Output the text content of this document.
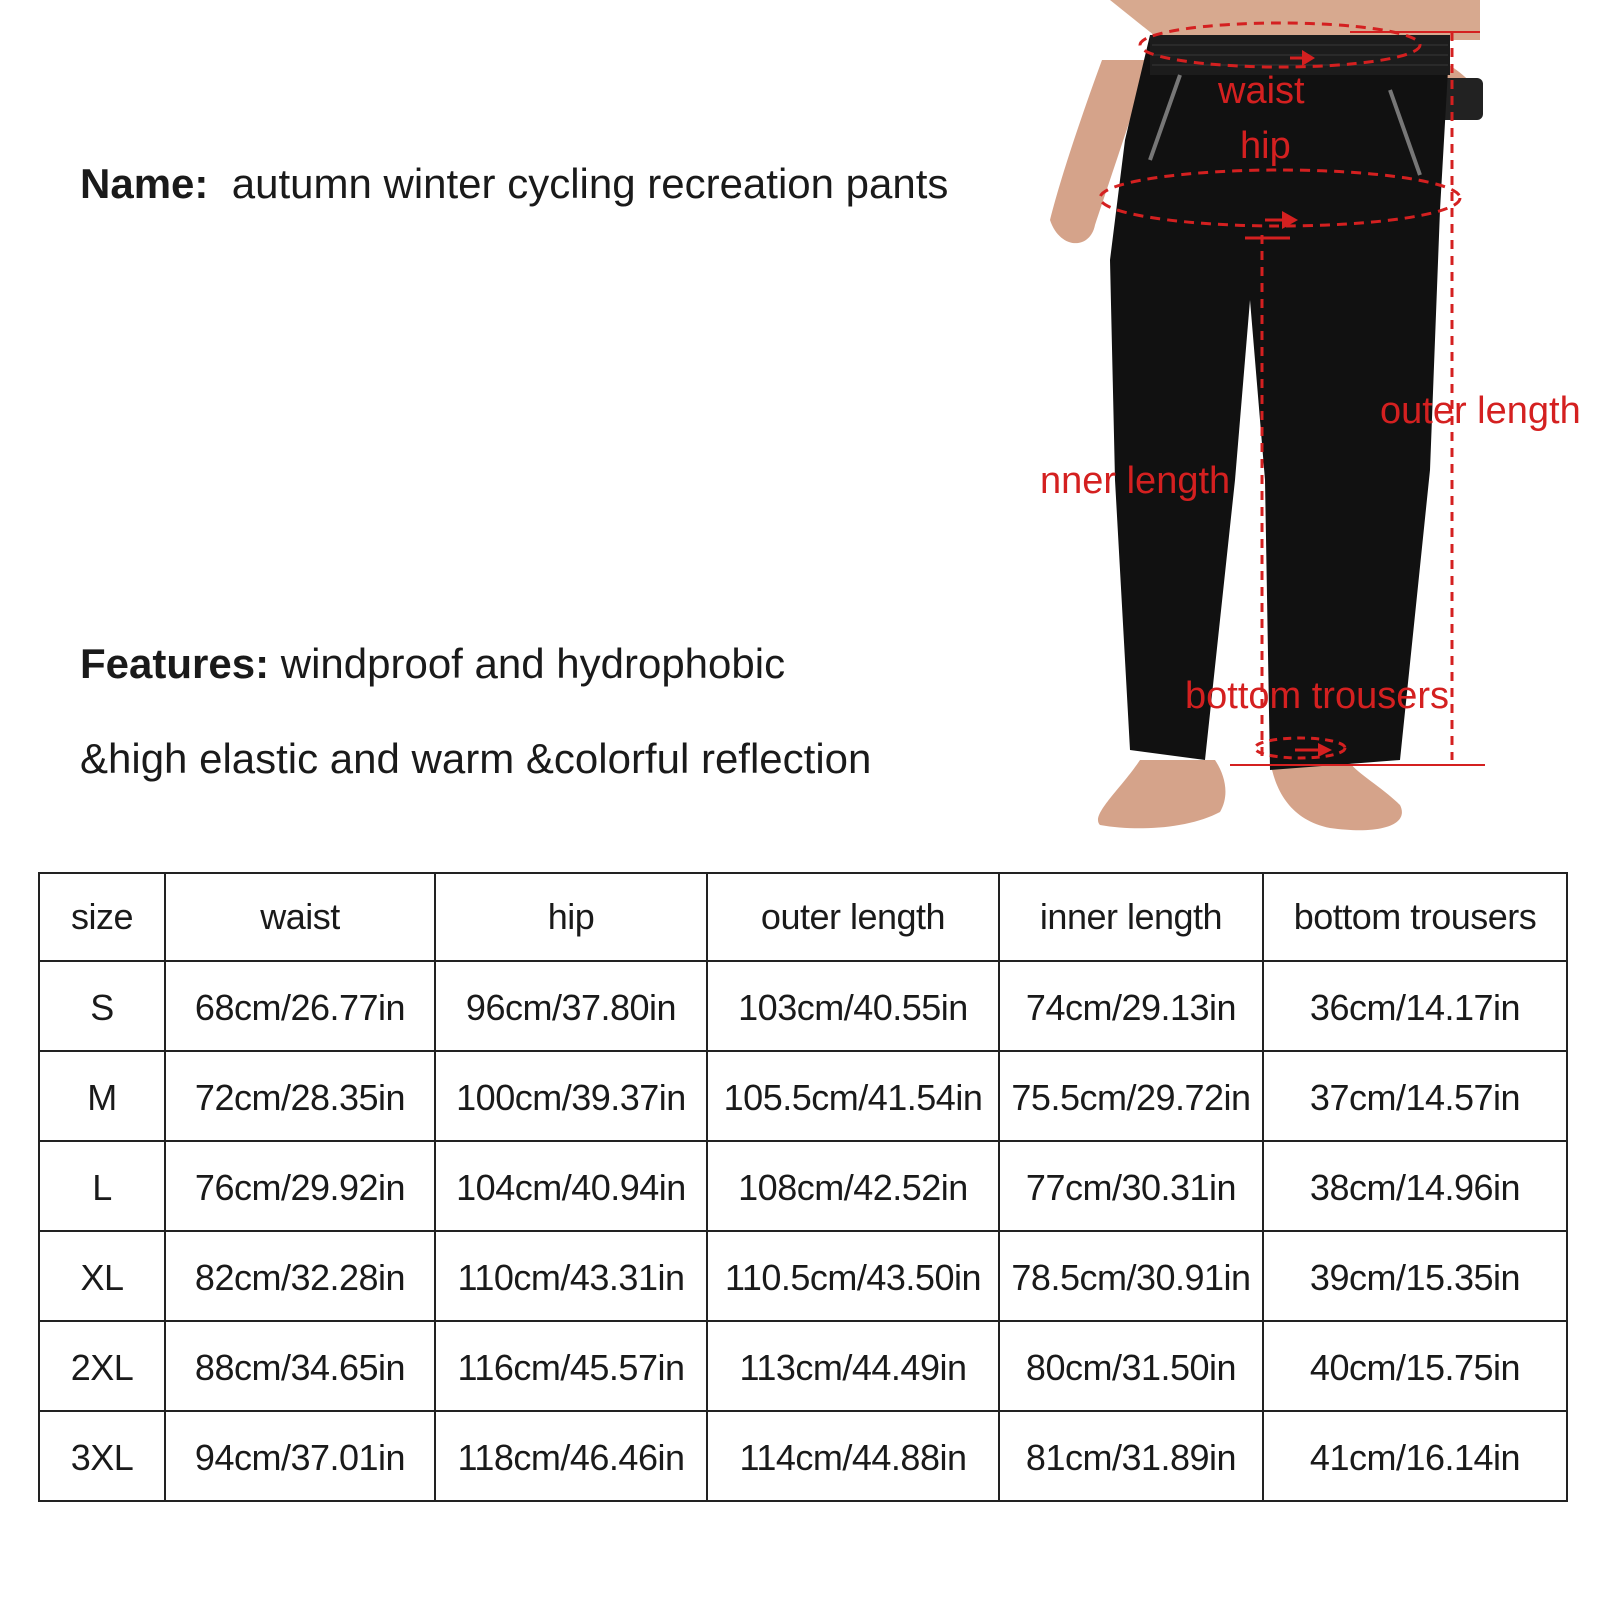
Name: autumn winter cycling recreation pants
Features: windproof and hydrophobic
&high elastic and warm &colorful reflection
waist
hip
outer length
nner length
bottom trousers
size	waist	hip	outer length	inner length	bottom trousers
S	68cm/26.77in	96cm/37.80in	103cm/40.55in	74cm/29.13in	36cm/14.17in
M	72cm/28.35in	100cm/39.37in	105.5cm/41.54in	75.5cm/29.72in	37cm/14.57in
L	76cm/29.92in	104cm/40.94in	108cm/42.52in	77cm/30.31in	38cm/14.96in
XL	82cm/32.28in	110cm/43.31in	110.5cm/43.50in	78.5cm/30.91in	39cm/15.35in
2XL	88cm/34.65in	116cm/45.57in	113cm/44.49in	80cm/31.50in	40cm/15.75in
3XL	94cm/37.01in	118cm/46.46in	114cm/44.88in	81cm/31.89in	41cm/16.14in
